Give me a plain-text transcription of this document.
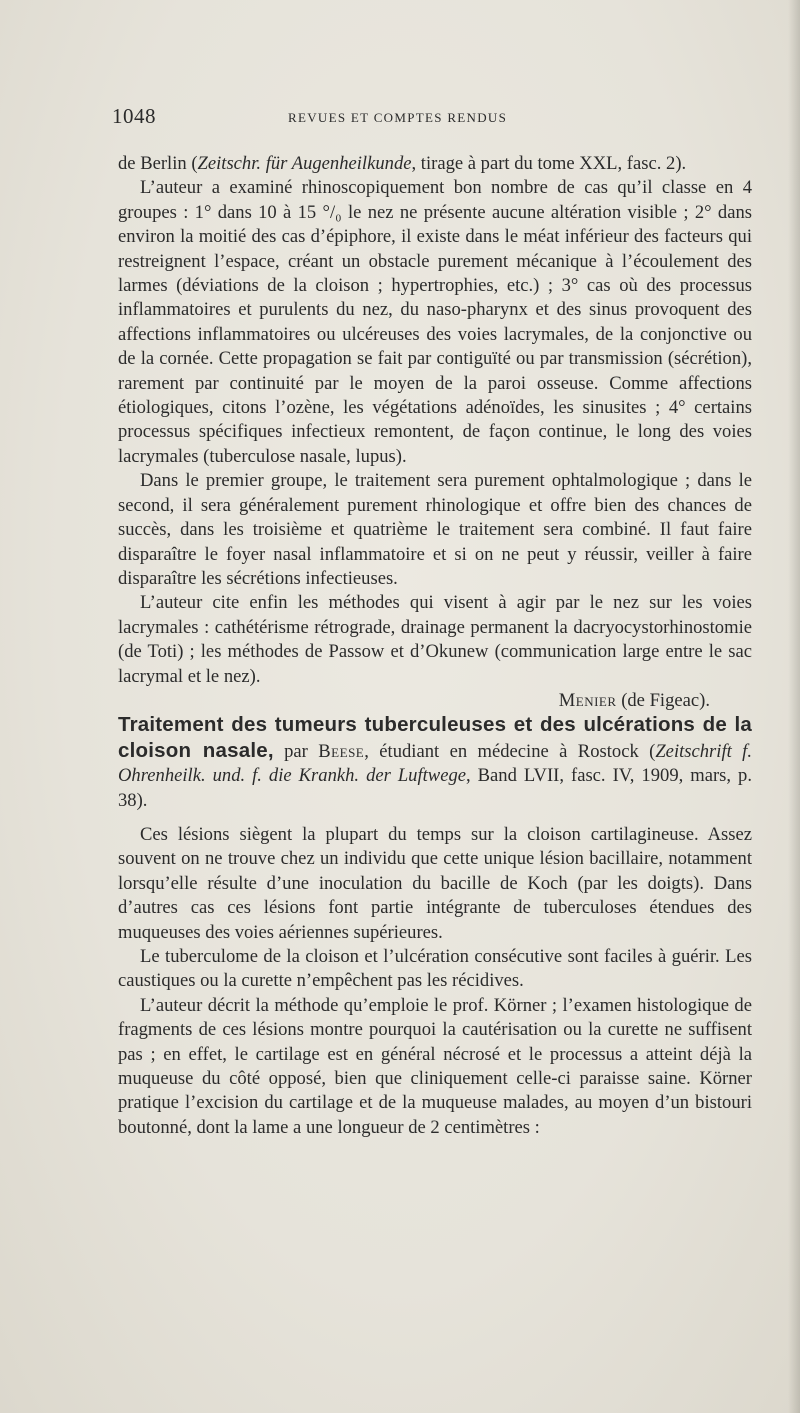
1048	REVUES ET COMPTES RENDUS

de Berlin (Zeitschr. für Augenheilkunde, tirage à part du tome XXL, fasc. 2).

L’auteur a examiné rhinoscopiquement bon nombre de cas qu’il classe en 4 groupes : 1° dans 10 à 15 °/₀ le nez ne présente aucune altération visible ; 2° dans environ la moitié des cas d’épiphore, il existe dans le méat inférieur des facteurs qui restreignent l’espace, créant un obstacle purement mécanique à l’écoulement des larmes (déviations de la cloison ; hypertrophies, etc.) ; 3° cas où des processus inflammatoires et purulents du nez, du naso-pharynx et des sinus provoquent des affections inflammatoires ou ulcéreuses des voies lacrymales, de la conjonctive ou de la cornée. Cette propagation se fait par contiguïté ou par transmission (sécrétion), rarement par continuité par le moyen de la paroi osseuse. Comme affections étiologiques, citons l’ozène, les végétations adénoïdes, les sinusites ; 4° certains processus spécifiques infectieux remontent, de façon continue, le long des voies lacrymales (tuberculose nasale, lupus).

Dans le premier groupe, le traitement sera purement ophtalmologique ; dans le second, il sera généralement purement rhinologique et offre bien des chances de succès, dans les troisième et quatrième le traitement sera combiné. Il faut faire disparaître le foyer nasal inflammatoire et si on ne peut y réussir, veiller à faire disparaître les sécrétions infectieuses.

L’auteur cite enfin les méthodes qui visent à agir par le nez sur les voies lacrymales : cathétérisme rétrograde, drainage permanent la dacryocystorhinostomie (de Toti) ; les méthodes de Passow et d’Okunew (communication large entre le sac lacrymal et le nez).

Menier (de Figeac).

Traitement des tumeurs tuberculeuses et des ulcérations de la cloison nasale, par Beese, étudiant en médecine à Rostock (Zeitschrift f. Ohrenheilk. und. f. die Krankh. der Luftwege, Band LVII, fasc. IV, 1909, mars, p. 38).

Ces lésions siègent la plupart du temps sur la cloison cartilagineuse. Assez souvent on ne trouve chez un individu que cette unique lésion bacillaire, notamment lorsqu’elle résulte d’une inoculation du bacille de Koch (par les doigts). Dans d’autres cas ces lésions font partie intégrante de tuberculoses étendues des muqueuses des voies aériennes supérieures.

Le tuberculome de la cloison et l’ulcération consécutive sont faciles à guérir. Les caustiques ou la curette n’empêchent pas les récidives.

L’auteur décrit la méthode qu’emploie le prof. Körner ; l’examen histologique de fragments de ces lésions montre pourquoi la cautérisation ou la curette ne suffisent pas ; en effet, le cartilage est en général nécrosé et le processus a atteint déjà la muqueuse du côté opposé, bien que cliniquement celle-ci paraisse saine. Körner pratique l’excision du cartilage et de la muqueuse malades, au moyen d’un bistouri boutonné, dont la lame a une longueur de 2 centimètres :
